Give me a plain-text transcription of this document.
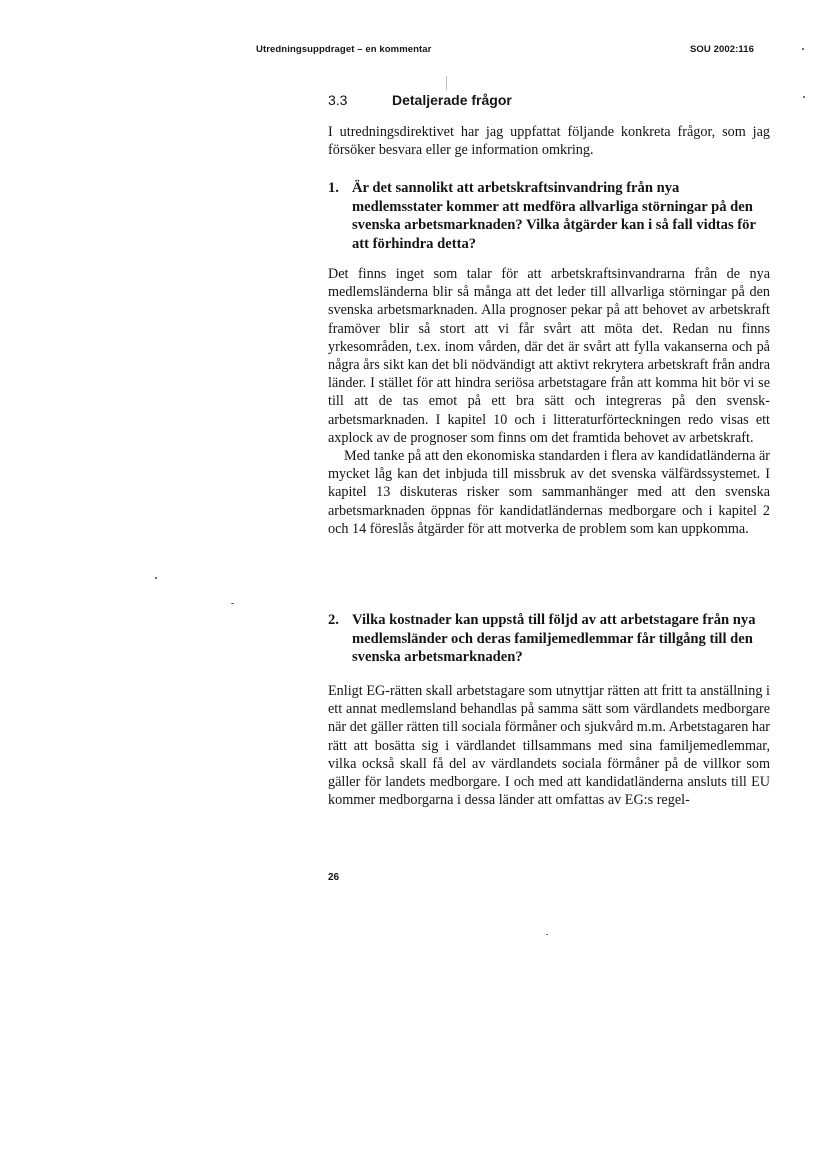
Utredningsuppdraget – en kommentar	SOU 2002:116
3.3	Detaljerade frågor

I utredningsdirektivet har jag uppfattat följande konkreta frågor, som jag försöker besvara eller ge information omkring.

1. Är det sannolikt att arbetskraftsinvandring från nya medlemsstater kommer att medföra allvarliga störningar på den svenska arbetsmarknaden? Vilka åtgärder kan i så fall vidtas för att förhindra detta?
Det finns inget som talar för att arbetskraftsinvandrarna från de nya medlemsländerna blir så många att det leder till allvarliga störningar på den svenska arbetsmarknaden. Alla prognoser pekar på att behovet av arbetskraft framöver blir så stort att vi får svårt att möta det. Redan nu finns yrkesområden, t.ex. inom vården, där det är svårt att fylla vakanserna och på några års sikt kan det bli nödvändigt att aktivt rekrytera arbetskraft från andra länder. I stället för att hindra seriösa arbetstagare från att komma hit bör vi se till att de tas emot på ett bra sätt och integreras på den svensk- arbetsmarknaden. I kapitel 10 och i litteraturförteckningen redo visas ett axplock av de prognoser som finns om det framtida behovet av arbetskraft.
Med tanke på att den ekonomiska standarden i flera av kandidatländerna är mycket låg kan det inbjuda till missbruk av det svenska välfärdssystemet. I kapitel 13 diskuteras risker som sammanhänger med att den svenska arbetsmarknaden öppnas för kandidatländernas medborgare och i kapitel 2 och 14 föreslås åtgärder för att motverka de problem som kan uppkomma.
2. Vilka kostnader kan uppstå till följd av att arbetstagare från nya medlemsländer och deras familjemedlemmar får tillgång till den svenska arbetsmarknaden?

Enligt EG-rätten skall arbetstagare som utnyttjar rätten att fritt ta anställning i ett annat medlemsland behandlas på samma sätt som värdlandets medborgare när det gäller rätten till sociala förmåner och sjukvård m.m. Arbetstagaren har rätt att bosätta sig i värdlandet tillsammans med sina familjemedlemmar, vilka också skall få del av värdlandets sociala förmåner på de villkor som gäller för landets medborgare. I och med att kandidatländerna ansluts till EU kommer medborgarna i dessa länder att omfattas av EG:s regel-

26
